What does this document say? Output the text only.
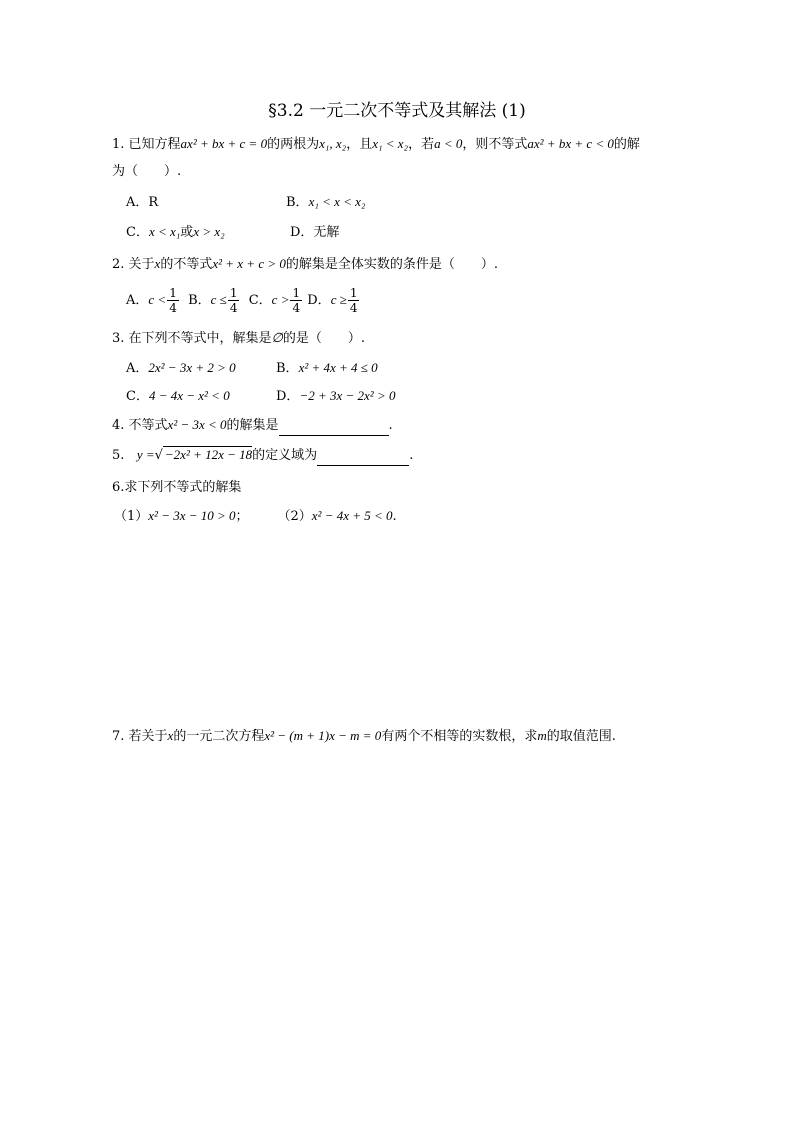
§3.2 一元二次不等式及其解法 (1)
1. 已知方程ax² + bx + c = 0的两根为x₁, x₂，且x₁ < x₂，若a < 0，则不等式ax² + bx + c < 0的解
为（　　）.
A．R	B．x₁ < x < x₂
C．x < x₁或x > x₂	D．无解
2. 关于x的不等式x² + x + c > 0的解集是全体实数的条件是（　　）.
A．$c < \frac{1}{4}$ B．$c \le \frac{1}{4}$ C．$c > \frac{1}{4}$ D．$c \ge \frac{1}{4}$
3. 在下列不等式中，解集是∅的是（　　）.
A．2x² − 3x + 2 > 0	B．x² + 4x + 4 ≤ 0
C．4 − 4x − x² < 0	D．−2 + 3x − 2x² > 0
4. 不等式x² − 3x < 0的解集是	.
5. y =√ −2x² + 12x − 18的定义域为	.
6.求下列不等式的解集
（1）x² − 3x − 10 > 0； （2）x² − 4x + 5 < 0.
7. 若关于x的一元二次方程x² − (m + 1)x − m = 0有两个不相等的实数根，求m的取值范围.
